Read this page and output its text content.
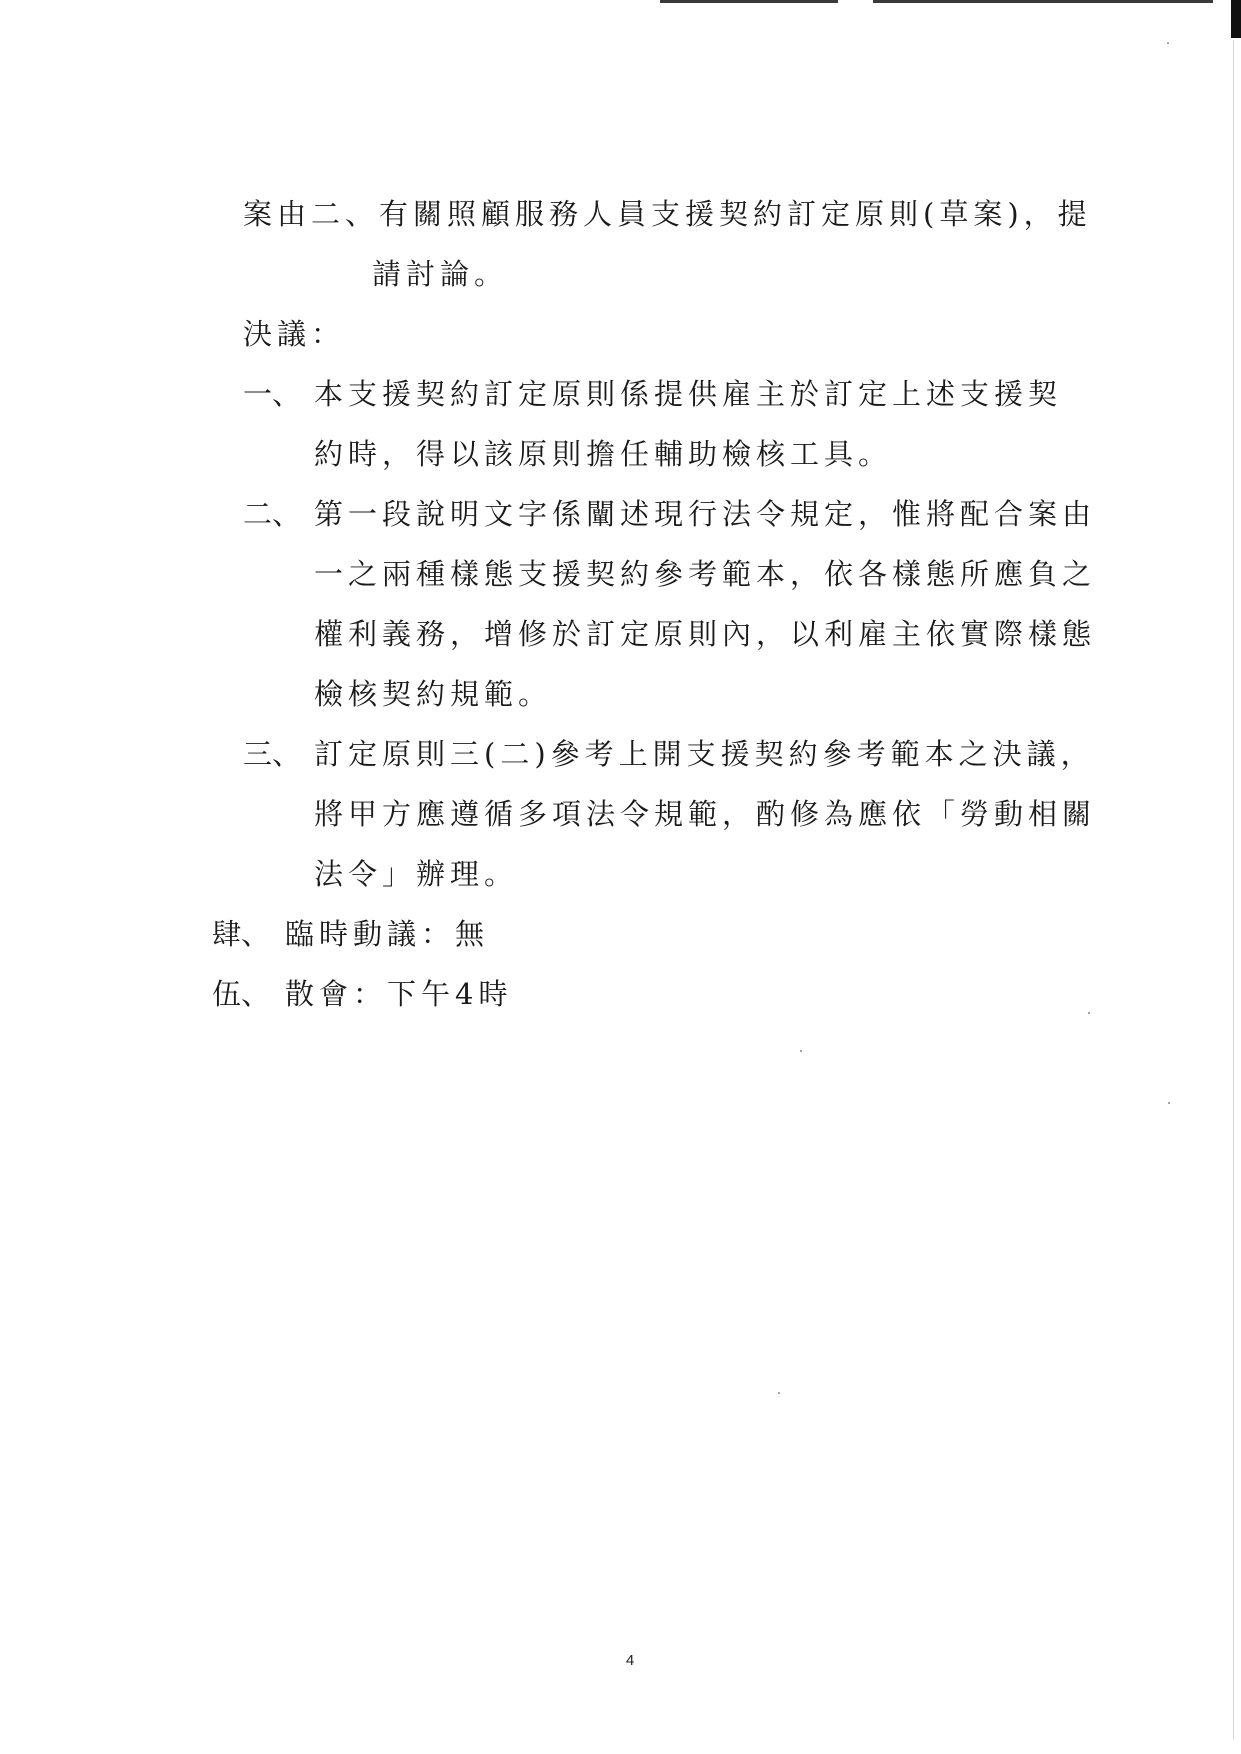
案由二、有關照顧服務人員支援契約訂定原則(草案)，提
請討論。
決議：
一、 本支援契約訂定原則係提供雇主於訂定上述支援契
約時，得以該原則擔任輔助檢核工具。
二、 第一段說明文字係闡述現行法令規定，惟將配合案由
一之兩種樣態支援契約參考範本，依各樣態所應負之
權利義務，增修於訂定原則內，以利雇主依實際樣態
檢核契約規範。
三、 訂定原則三(二)參考上開支援契約參考範本之決議，
將甲方應遵循多項法令規範，酌修為應依「勞動相關
法令」辦理。
肆、 臨時動議：無
伍、 散會：下午4時
4
